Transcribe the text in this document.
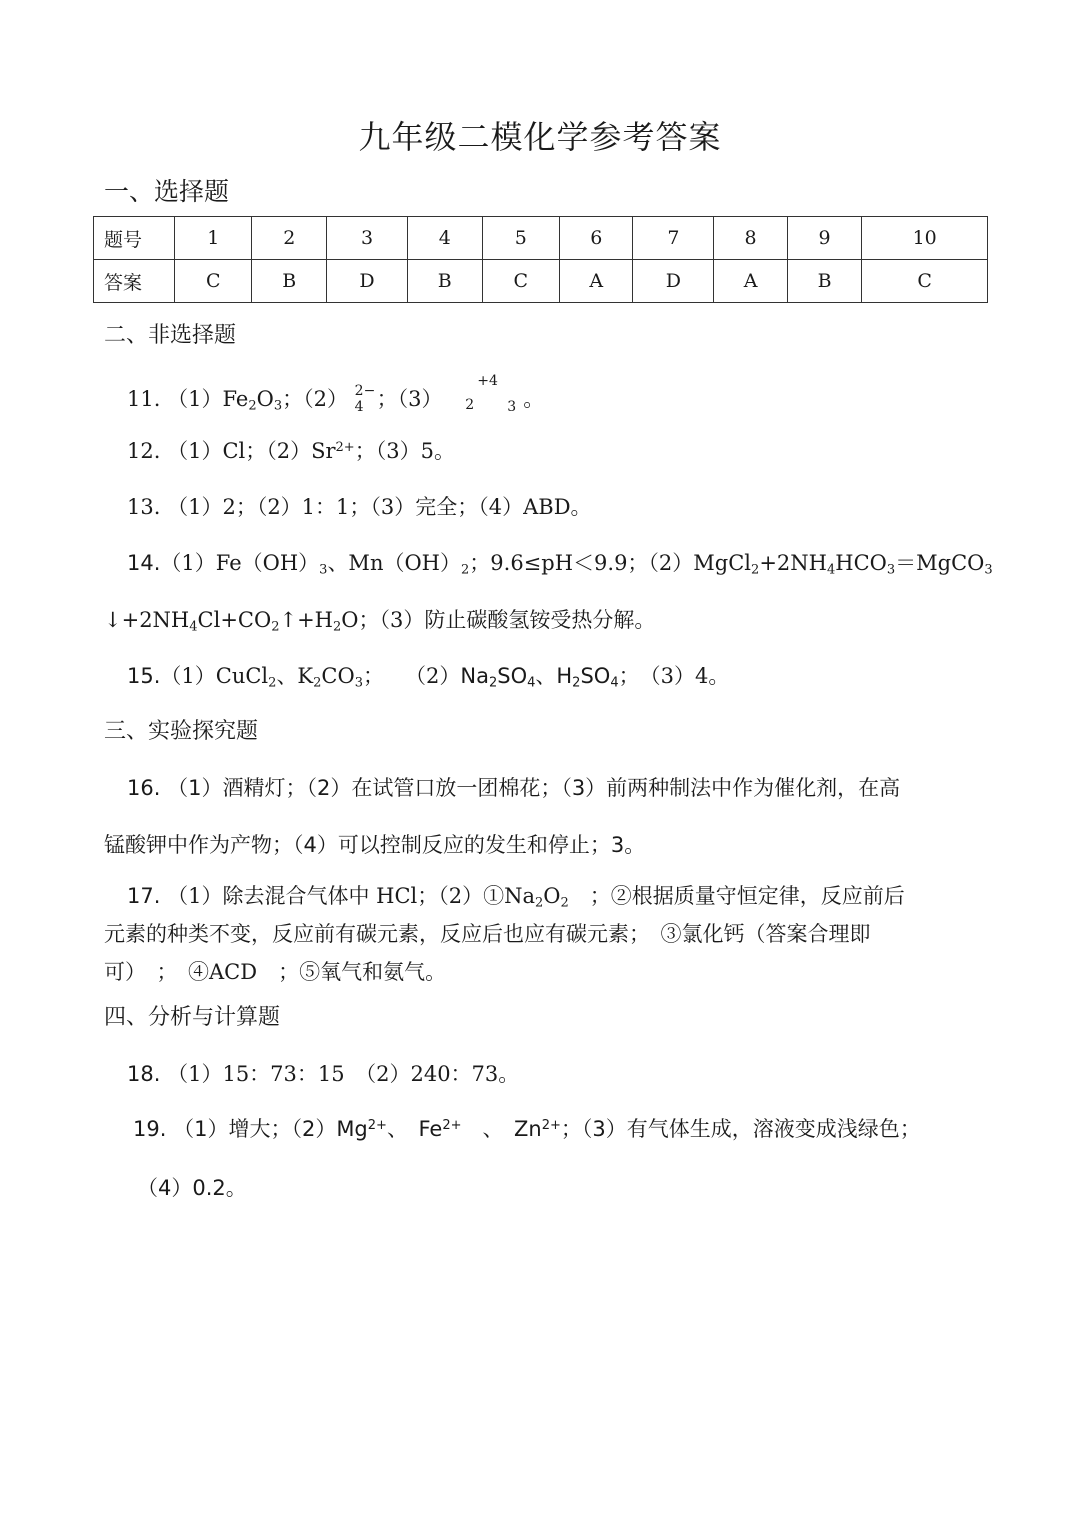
九年级二模化学参考答案
一、选择题
题号	1	2	3	4	5	6	7	8	9	10
答案	C	B	D	B	C	A	D	A	B	C
二、非选择题
11. $(1)Fe_2O_3$；（2） 2−
4 ；（3）
+4
2 3 。
12. （1）Cl；$(2)Sr^{2+}$；（3）5。
13. （1）2；（2）1：1；（3）完全；（4）ABD。
$14.(1)Fe(OH)_3$、$Mn(OH)_2$；9.6≤pH＜9.9；$(2)MgCl_2+2NH_4HCO_3=MgCO_3$
$↓+2NH_4Cl+CO_2↑+H_2O$；（3）防止碳酸氢铵受热分解。
15.（1）CuCl$_2$、$K_2CO_3$；　　$(2)Na_2SO_4$、$H_2SO_4$；　（3）4。
三、实验探究题
16. （1）酒精灯；（2）在试管口放一团棉花；（3）前两种制法中作为催化剂，在高
锰酸钾中作为产物；（4）可以控制反应的发生和停止；3。
17. （1）除去混合气体中 HCl；$(2)①Na_2O_2$　；②根据质量守恒定律，反应前后
元素的种类不变，反应前有碳元素，反应后也应有碳元素；　③氯化钙（答案合理即
可）　；　④ACD　；⑤氧气和氨气。
四、分析与计算题
18. （1）15：73：15　（2）240：73。
19. （1）增大；$(2)Mg^{2+}$、　$Fe^{2+}$　、　$Zn^{2+}$；（3）有气体生成，溶液变成浅绿色；
（4）0.2。
